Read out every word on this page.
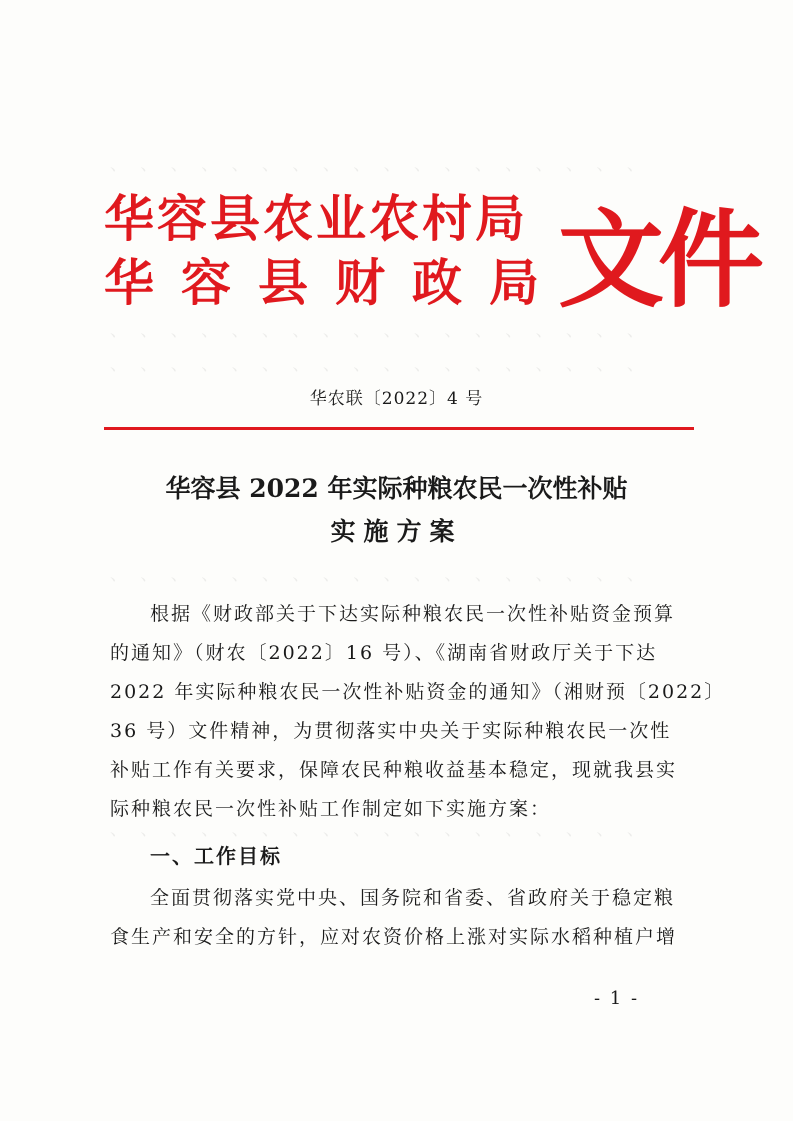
、 、 、 、 、 、 、 、 、 、 、 、 、 、 、 、 、 、
、 、 、 、 、 、 、 、 、 、 、 、 、 、 、 、 、 、
、 、 、 、 、 、 、 、 、 、 、 、 、 、 、 、 、 、
、 、 、 、 、 、 、 、 、 、 、 、 、 、 、 、 、 、
、 、 、 、 、 、 、 、 、 、 、 、 、 、 、 、 、 、
华容县农业农村局
华容县财政局
文件
华农联〔2022〕4 号
华容县 2022 年实际种粮农民一次性补贴
实施方案
根据《财政部关于下达实际种粮农民一次性补贴资金预算
的通知》（财农〔2022〕16 号）、《湖南省财政厅关于下达
2022 年实际种粮农民一次性补贴资金的通知》（湘财预〔2022〕
36 号）文件精神，为贯彻落实中央关于实际种粮农民一次性
补贴工作有关要求，保障农民种粮收益基本稳定，现就我县实
际种粮农民一次性补贴工作制定如下实施方案：
一、工作目标
全面贯彻落实党中央、国务院和省委、省政府关于稳定粮
食生产和安全的方针，应对农资价格上涨对实际水稻种植户增
- 1 -
